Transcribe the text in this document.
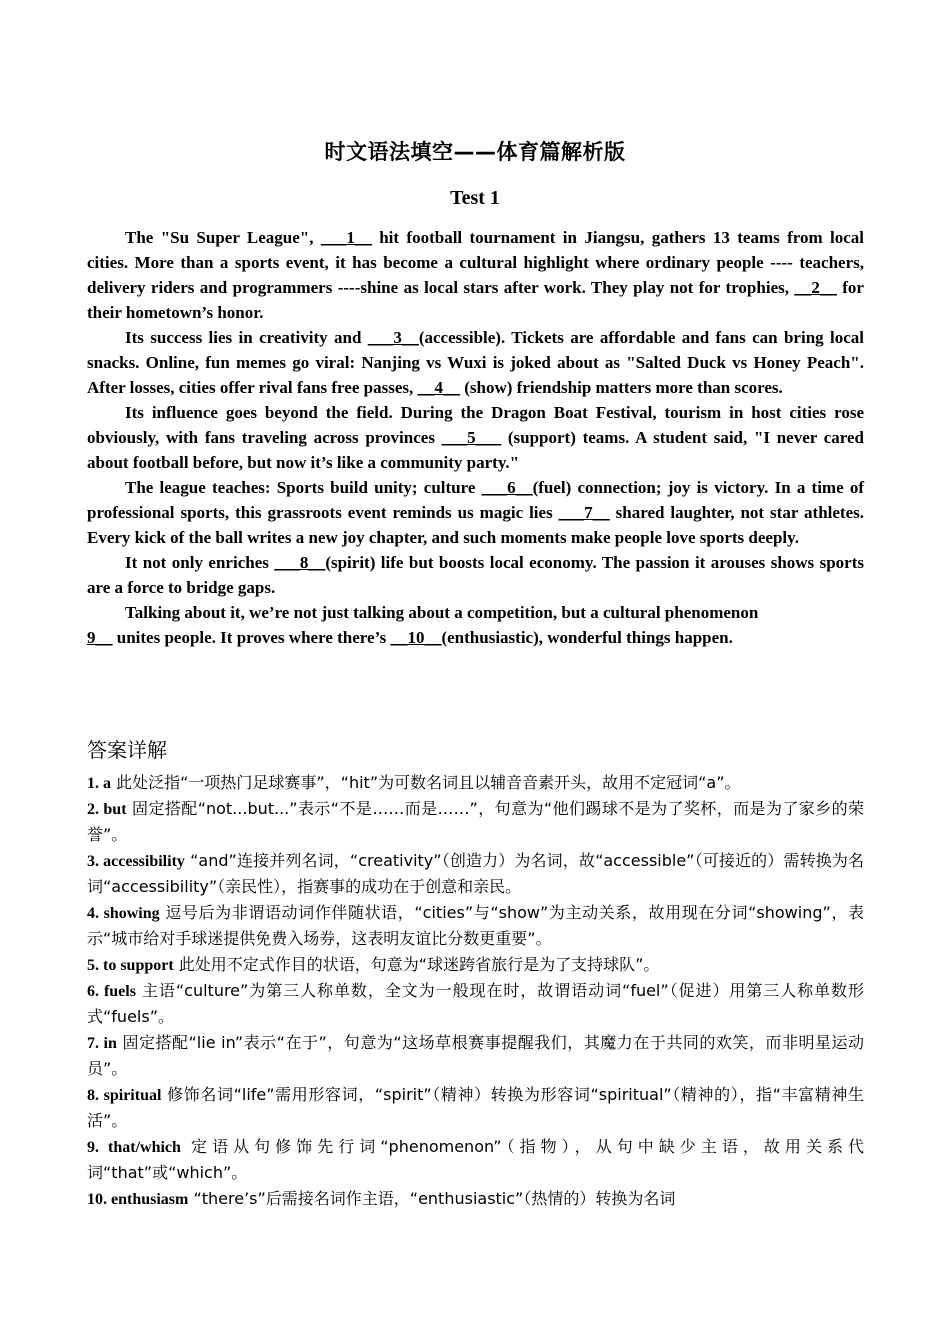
时文语法填空——体育篇解析版
Test 1

The "Su Super League", ___1__ hit football tournament in Jiangsu, gathers 13 teams from local cities. More than a sports event, it has become a cultural highlight where ordinary people ---- teachers, delivery riders and programmers ----shine as local stars after work. They play not for trophies, __2__ for their hometown’s honor.

Its success lies in creativity and ___3__(accessible). Tickets are affordable and fans can bring local snacks. Online, fun memes go viral: Nanjing vs Wuxi is joked about as "Salted Duck vs Honey Peach". After losses, cities offer rival fans free passes, __4__ (show) friendship matters more than scores.

Its influence goes beyond the field. During the Dragon Boat Festival, tourism in host cities rose obviously, with fans traveling across provinces ___5___ (support) teams. A student said, "I never cared about football before, but now it’s like a community party."

The league teaches: Sports build unity; culture ___6__(fuel) connection; joy is victory. In a time of professional sports, this grassroots event reminds us magic lies ___7__ shared laughter, not star athletes. Every kick of the ball writes a new joy chapter, and such moments make people love sports deeply.

It not only enriches ___8__(spirit) life but boosts local economy. The passion it arouses shows sports are a force to bridge gaps.

Talking about it, we’re not just talking about a competition, but a cultural phenomenon

9__ unites people. It proves where there’s __10__(enthusiastic), wonderful things happen.

答案详解

1. a 此处泛指“一项热门足球赛事”，“hit”为可数名词且以辅音音素开头，故用不定冠词“a”。

2. but 固定搭配“not...but...”表示“不是……而是……”，句意为“他们踢球不是为了奖杯，而是为了家乡的荣誉”。

3. accessibility “and”连接并列名词，“creativity”（创造力）为名词，故“accessible”（可接近的）需转换为名词“accessibility”（亲民性），指赛事的成功在于创意和亲民。

4. showing 逗号后为非谓语动词作伴随状语，“cities”与“show”为主动关系，故用现在分词“showing”，表示“城市给对手球迷提供免费入场券，这表明友谊比分数更重要”。

5. to support 此处用不定式作目的状语，句意为“球迷跨省旅行是为了支持球队”。

6. fuels 主语“culture”为第三人称单数，全文为一般现在时，故谓语动词“fuel”（促进）用第三人称单数形式“fuels”。

7. in 固定搭配“lie in”表示“在于”，句意为“这场草根赛事提醒我们，其魔力在于共同的欢笑，而非明星运动员”。

8. spiritual 修饰名词“life”需用形容词，“spirit”（精神）转换为形容词“spiritual”（精神的），指“丰富精神生活”。

9. that/which 定语从句修饰先行词“phenomenon”（指物），从句中缺少主语，故用关系代词“that”或“which”。

10. enthusiasm “there’s”后需接名词作主语，“enthusiastic”（热情的）转换为名词
